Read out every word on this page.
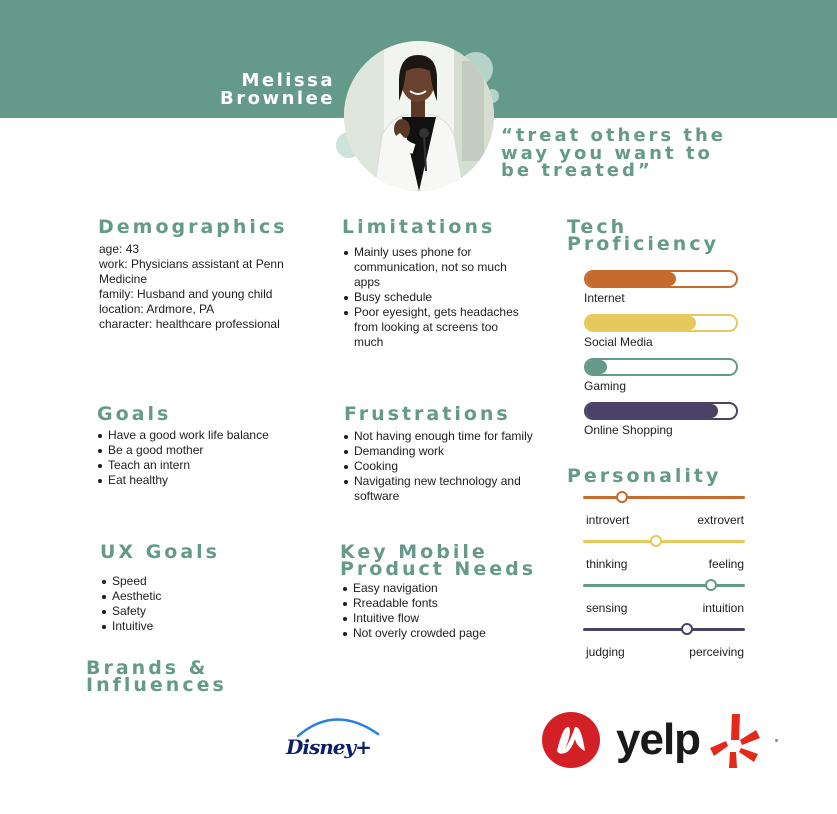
Melissa
Brownlee
“treat others the
way you want to
be treated”
Demographics
age: 43
work: Physicians assistant at Penn
Medicine
family: Husband and young child
location: Ardmore, PA
character: healthcare professional
Limitations
Mainly uses phone for
communication, not so much
apps
Busy schedule
Poor eyesight, gets headaches
from looking at screens too
much
Tech
Proficiency
Internet
Social Media
Gaming
Online Shopping
Goals
Have a good work life balance
Be a good mother
Teach an intern
Eat healthy
Frustrations
Not having enough time for family
Demanding work
Cooking
Navigating new technology and
software
Personality
introvert	extrovert
thinking	feeling
sensing	intuition
judging	perceiving
UX Goals
Speed
Aesthetic
Safety
Intuitive
Key Mobile
Product Needs
Easy navigation
Rreadable fonts
Intuitive flow
Not overly crowded page
Brands &
Influences
Disney+	yelp
